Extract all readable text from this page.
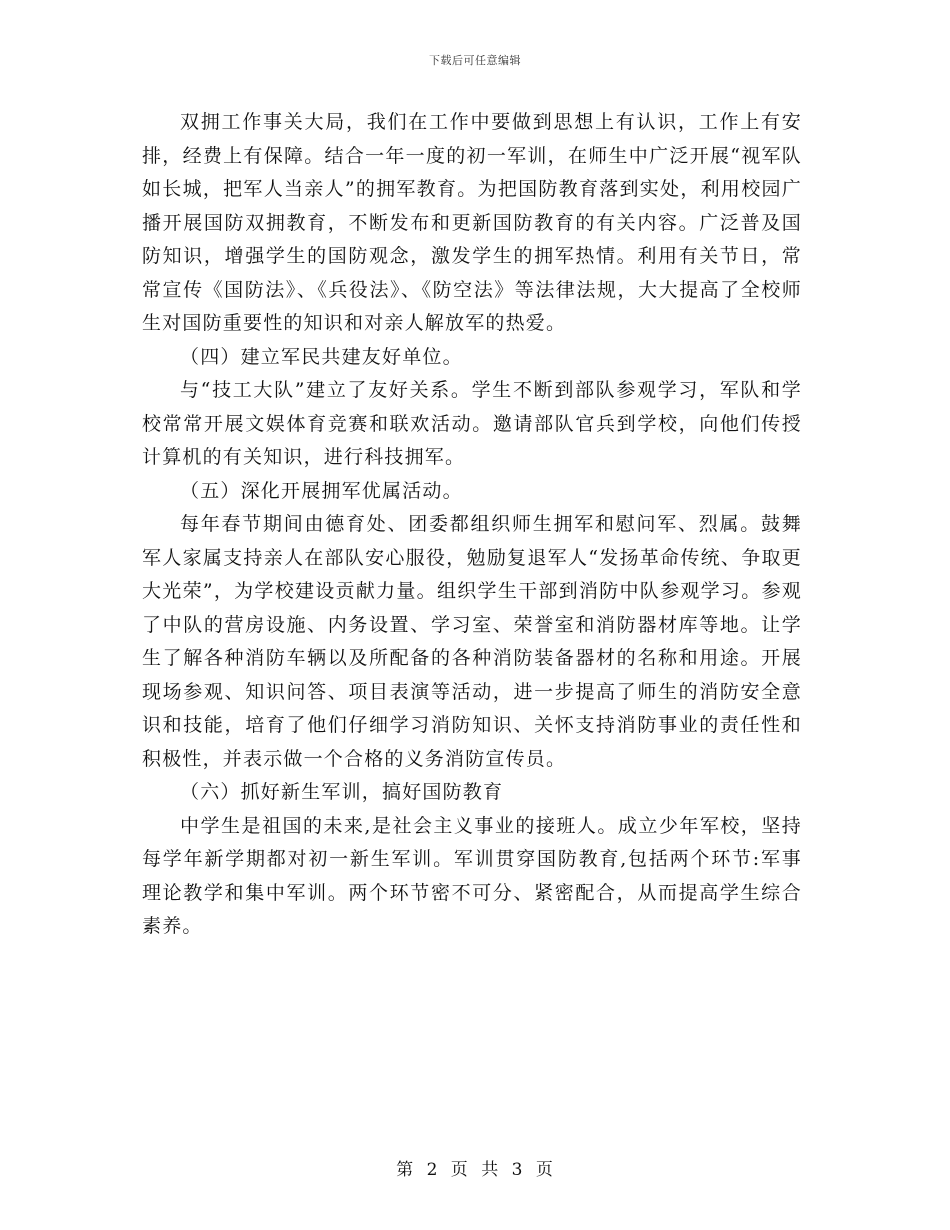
下载后可任意编辑

双拥工作事关大局，我们在工作中要做到思想上有认识，工作上有安排，经费上有保障。结合一年一度的初一军训，在师生中广泛开展“视军队如长城，把军人当亲人”的拥军教育。为把国防教育落到实处，利用校园广播开展国防双拥教育，不断发布和更新国防教育的有关内容。广泛普及国防知识，增强学生的国防观念，激发学生的拥军热情。利用有关节日，常常宣传《国防法》、《兵役法》、《防空法》等法律法规，大大提高了全校师生对国防重要性的知识和对亲人解放军的热爱。

（四）建立军民共建友好单位。

与“技工大队”建立了友好关系。学生不断到部队参观学习，军队和学校常常开展文娱体育竞赛和联欢活动。邀请部队官兵到学校，向他们传授计算机的有关知识，进行科技拥军。

（五）深化开展拥军优属活动。

每年春节期间由德育处、团委都组织师生拥军和慰问军、烈属。鼓舞军人家属支持亲人在部队安心服役，勉励复退军人“发扬革命传统、争取更大光荣”，为学校建设贡献力量。组织学生干部到消防中队参观学习。参观了中队的营房设施、内务设置、学习室、荣誉室和消防器材库等地。让学生了解各种消防车辆以及所配备的各种消防装备器材的名称和用途。开展现场参观、知识问答、项目表演等活动，进一步提高了师生的消防安全意识和技能，培育了他们仔细学习消防知识、关怀支持消防事业的责任性和积极性，并表示做一个合格的义务消防宣传员。

（六）抓好新生军训，搞好国防教育

中学生是祖国的未来,是社会主义事业的接班人。成立少年军校，坚持每学年新学期都对初一新生军训。军训贯穿国防教育,包括两个环节:军事理论教学和集中军训。两个环节密不可分、紧密配合，从而提高学生综合素养。

第 2 页 共 3 页
